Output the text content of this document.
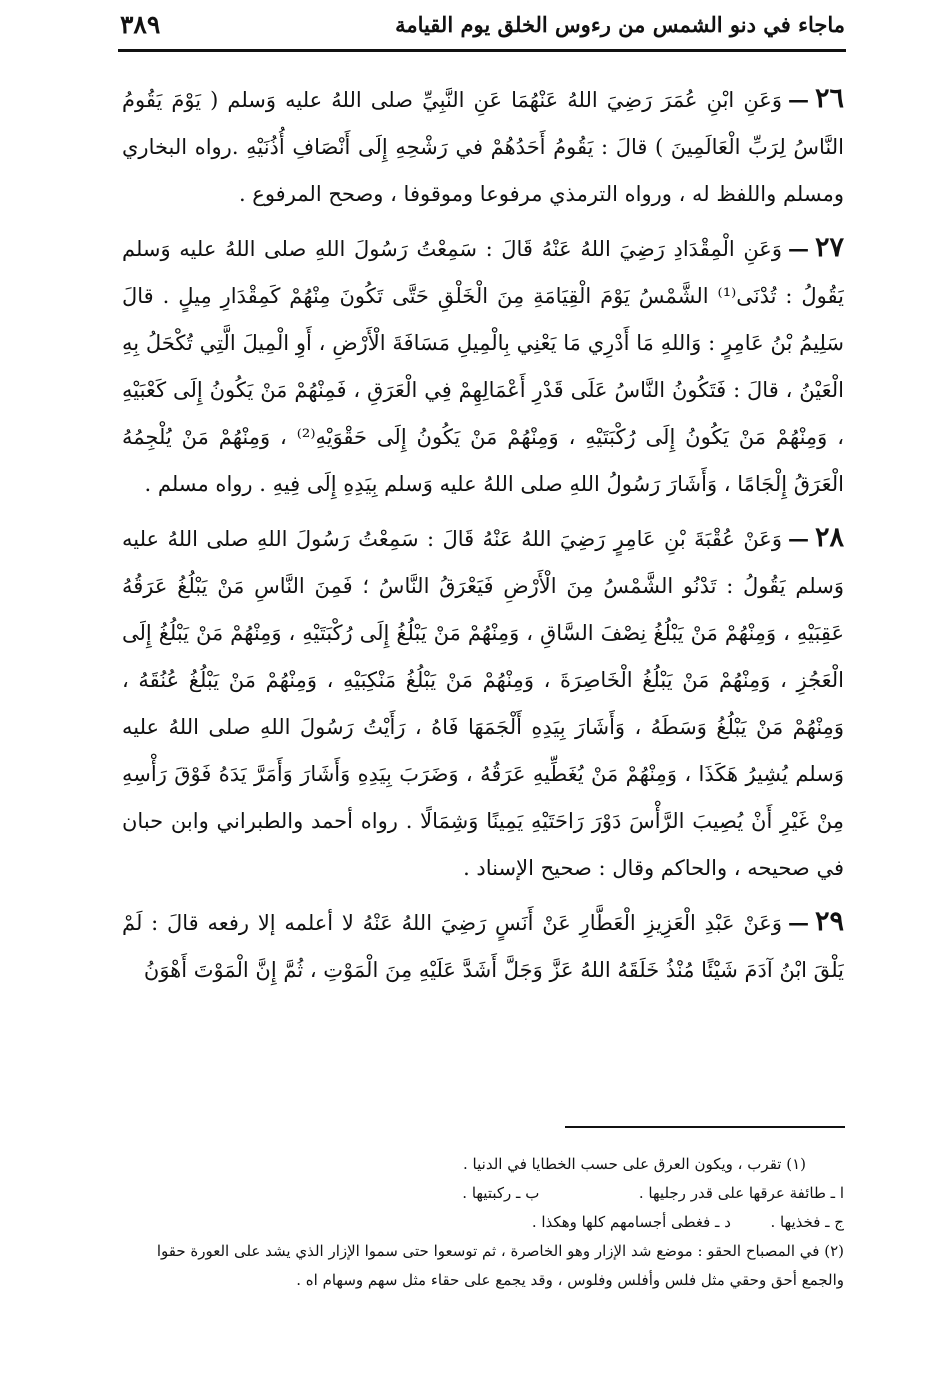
ماجاء في دنو الشمس من رءوس الخلق يوم القيامة
٣٨٩

٢٦—وَعَنِ ابْنِ عُمَرَ رَضِيَ اللهُ عَنْهُمَا عَنِ النَّبِيِّ صلى اللهُ عليه وَسلم ( يَوْمَ يَقُومُ النَّاسُ لِرَبِّ الْعَالَمِينَ ) قالَ : يَقُومُ أَحَدُهُمْ في رَشْحِهِ إِلَى أَنْصَافِ أُذُنَيْهِ .رواه البخاري ومسلم واللفظ له ، ورواه الترمذي مرفوعا وموقوفا ، وصحح المرفوع .

٢٧—وَعَنِ الْمِقْدَادِ رَضِيَ اللهُ عَنْهُ قَالَ : سَمِعْتُ رَسُولَ اللهِ صلى اللهُ عليه وَسلم يَقُولُ : تُدْنَى⁽¹⁾ الشَّمْسُ يَوْمَ الْقِيَامَةِ مِنَ الْخَلْقِ حَتَّى تَكُونَ مِنْهُمْ كَمِقْدَارِ مِيلٍ . قالَ سَلِيمُ بْنُ عَامِرٍ : وَاللهِ مَا أَدْرِي مَا يَعْنِي بِالْمِيلِ مَسَافَةَ الْأَرْضِ ، أَوِ الْمِيلَ الَّتِي تُكْحَلُ بِهِ الْعَيْنُ ، قالَ : فَتَكُونُ النَّاسُ عَلَى قَدْرِ أَعْمَالِهِمْ فِي الْعَرَقِ ، فَمِنْهُمْ مَنْ يَكُونُ إِلَى كَعْبَيْهِ ، وَمِنْهُمْ مَنْ يَكُونُ إِلَى رُكْبَتَيْهِ ، وَمِنْهُمْ مَنْ يَكُونُ إِلَى حَقْوَيْهِ⁽²⁾ ، وَمِنْهُمْ مَنْ يُلْجِمُهُ الْعَرَقُ إِلْجَامًا ، وَأَشَارَ رَسُولُ اللهِ صلى اللهُ عليه وَسلم بِيَدِهِ إِلَى فِيهِ . رواه مسلم .

٢٨—وَعَنْ عُقْبَةَ بْنِ عَامِرٍ رَضِيَ اللهُ عَنْهُ قَالَ : سَمِعْتُ رَسُولَ اللهِ صلى اللهُ عليه وَسلم يَقُولُ : تَدْنُو الشَّمْسُ مِنَ الْأَرْضِ فَيَعْرَقُ النَّاسُ ؛ فَمِنَ النَّاسِ مَنْ يَبْلُغُ عَرَقُهُ عَقِبَيْهِ ، وَمِنْهُمْ مَنْ يَبْلُغُ نِصْفَ السَّاقِ ، وَمِنْهُمْ مَنْ يَبْلُغُ إِلَى رُكْبَتَيْهِ ، وَمِنْهُمْ مَنْ يَبْلُغُ إِلَى الْعَجُزِ ، وَمِنْهُمْ مَنْ يَبْلُغُ الْخَاصِرَةَ ، وَمِنْهُمْ مَنْ يَبْلُغُ مَنْكِبَيْهِ ، وَمِنْهُمْ مَنْ يَبْلُغُ عُنُقَهُ ، وَمِنْهُمْ مَنْ يَبْلُغُ وَسَطَهُ ، وَأَشَارَ بِيَدِهِ أَلْجَمَهَا فَاهُ ، رَأَيْتُ رَسُولَ اللهِ صلى اللهُ عليه وَسلم يُشِيرُ هَكَذَا ، وَمِنْهُمْ مَنْ يُغَطِّيهِ عَرَقُهُ ، وَضَرَبَ بِيَدِهِ وَأَشَارَ وَأَمَرَّ يَدَهُ فَوْقَ رَأْسِهِ مِنْ غَيْرِ أَنْ يُصِيبَ الرَّأْسَ دَوْرَ رَاحَتَيْهِ يَمِينًا وَشِمَالًا . رواه أحمد والطبراني وابن حبان في صحيحه ، والحاكم وقال : صحيح الإسناد .

٢٩—وَعَنْ عَبْدِ الْعَزِيزِ الْعَطَّارِ عَنْ أَنَسٍ رَضِيَ اللهُ عَنْهُ لا أعلمه إلا رفعه قالَ : لَمْ يَلْقَ ابْنُ آدَمَ شَيْئًا مُنْذُ خَلَقَهُ اللهُ عَزَّ وَجَلَّ أَشَدَّ عَلَيْهِ مِنَ الْمَوْتِ ، ثُمَّ إِنَّ الْمَوْتَ أَهْوَنُ

(١) تقرب ، ويكون العرق على حسب الخطايا في الدنيا .

ا ـ طائفة عرقها على قدر رجليها .  ب ـ ركبتيها .

ج ـ فخذيها .  د ـ فغطى أجسامهم كلها وهكذا .

(٢) في المصباح الحقو : موضع شد الإزار وهو الخاصرة ، ثم توسعوا حتى سموا الإزار الذي يشد على العورة حقوا والجمع أحق وحقي مثل فلس وأفلس وفلوس ، وقد يجمع على حقاء مثل سهم وسهام اه .
